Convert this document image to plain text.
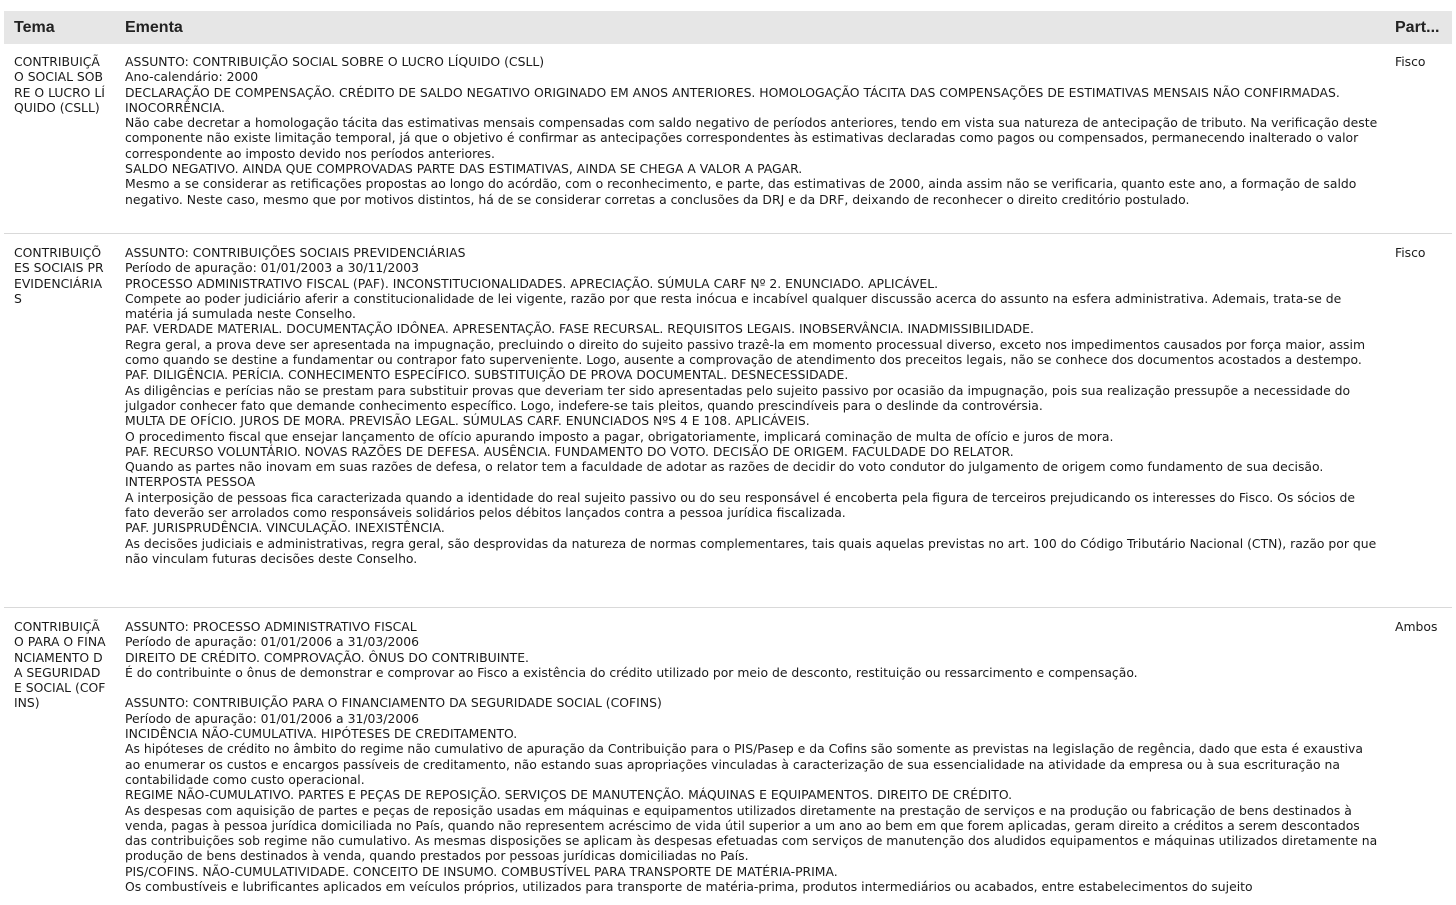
Tema	Ementa	Part...
CONTRIBUIÇÃO SOCIAL SOBRE O LUCRO LÍQUIDO (CSLL)
ASSUNTO: CONTRIBUIÇÃO SOCIAL SOBRE O LUCRO LÍQUIDO (CSLL)
Ano-calendário: 2000
DECLARAÇÃO DE COMPENSAÇÃO. CRÉDITO DE SALDO NEGATIVO ORIGINADO EM ANOS ANTERIORES. HOMOLOGAÇÃO TÁCITA DAS COMPENSAÇÕES DE ESTIMATIVAS MENSAIS NÃO CONFIRMADAS. INOCORRÊNCIA.
Não cabe decretar a homologação tácita das estimativas mensais compensadas com saldo negativo de períodos anteriores, tendo em vista sua natureza de antecipação de tributo. Na verificação deste componente não existe limitação temporal, já que o objetivo é confirmar as antecipações correspondentes às estimativas declaradas como pagos ou compensados, permanecendo inalterado o valor correspondente ao imposto devido nos períodos anteriores.
SALDO NEGATIVO. AINDA QUE COMPROVADAS PARTE DAS ESTIMATIVAS, AINDA SE CHEGA A VALOR A PAGAR.
Mesmo a se considerar as retificações propostas ao longo do acórdão, com o reconhecimento, e parte, das estimativas de 2000, ainda assim não se verificaria, quanto este ano, a formação de saldo negativo. Neste caso, mesmo que por motivos distintos, há de se considerar corretas a conclusões da DRJ e da DRF, deixando de reconhecer o direito creditório postulado.
Fisco
CONTRIBUIÇÕES SOCIAIS PREVIDENCIÁRIAS
ASSUNTO: CONTRIBUIÇÕES SOCIAIS PREVIDENCIÁRIAS
Período de apuração: 01/01/2003 a 30/11/2003
PROCESSO ADMINISTRATIVO FISCAL (PAF). INCONSTITUCIONALIDADES. APRECIAÇÃO. SÚMULA CARF Nº 2. ENUNCIADO. APLICÁVEL.
Compete ao poder judiciário aferir a constitucionalidade de lei vigente, razão por que resta inócua e incabível qualquer discussão acerca do assunto na esfera administrativa. Ademais, trata-se de matéria já sumulada neste Conselho.
PAF. VERDADE MATERIAL. DOCUMENTAÇÃO IDÔNEA. APRESENTAÇÃO. FASE RECURSAL. REQUISITOS LEGAIS. INOBSERVÂNCIA. INADMISSIBILIDADE.
Regra geral, a prova deve ser apresentada na impugnação, precluindo o direito do sujeito passivo trazê-la em momento processual diverso, exceto nos impedimentos causados por força maior, assim como quando se destine a fundamentar ou contrapor fato superveniente. Logo, ausente a comprovação de atendimento dos preceitos legais, não se conhece dos documentos acostados a destempo.
PAF. DILIGÊNCIA. PERÍCIA. CONHECIMENTO ESPECÍFICO. SUBSTITUIÇÃO DE PROVA DOCUMENTAL. DESNECESSIDADE.
As diligências e perícias não se prestam para substituir provas que deveriam ter sido apresentadas pelo sujeito passivo por ocasião da impugnação, pois sua realização pressupõe a necessidade do julgador conhecer fato que demande conhecimento específico. Logo, indefere-se tais pleitos, quando prescindíveis para o deslinde da controvérsia.
MULTA DE OFÍCIO. JUROS DE MORA. PREVISÃO LEGAL. SÚMULAS CARF. ENUNCIADOS NºS 4 E 108. APLICÁVEIS.
O procedimento fiscal que ensejar lançamento de ofício apurando imposto a pagar, obrigatoriamente, implicará cominação de multa de ofício e juros de mora.
PAF. RECURSO VOLUNTÁRIO. NOVAS RAZÕES DE DEFESA. AUSÊNCIA. FUNDAMENTO DO VOTO. DECISÃO DE ORIGEM. FACULDADE DO RELATOR.
Quando as partes não inovam em suas razões de defesa, o relator tem a faculdade de adotar as razões de decidir do voto condutor do julgamento de origem como fundamento de sua decisão.
INTERPOSTA PESSOA
A interposição de pessoas fica caracterizada quando a identidade do real sujeito passivo ou do seu responsável é encoberta pela figura de terceiros prejudicando os interesses do Fisco. Os sócios de fato deverão ser arrolados como responsáveis solidários pelos débitos lançados contra a pessoa jurídica fiscalizada.
PAF. JURISPRUDÊNCIA. VINCULAÇÃO. INEXISTÊNCIA.
As decisões judiciais e administrativas, regra geral, são desprovidas da natureza de normas complementares, tais quais aquelas previstas no art. 100 do Código Tributário Nacional (CTN), razão por que não vinculam futuras decisões deste Conselho.
Fisco
CONTRIBUIÇÃO PARA O FINANCIAMENTO DA SEGURIDADE SOCIAL (COFINS)
ASSUNTO: PROCESSO ADMINISTRATIVO FISCAL
Período de apuração: 01/01/2006 a 31/03/2006
DIREITO DE CRÉDITO. COMPROVAÇÃO. ÔNUS DO CONTRIBUINTE.
É do contribuinte o ônus de demonstrar e comprovar ao Fisco a existência do crédito utilizado por meio de desconto, restituição ou ressarcimento e compensação.

ASSUNTO: CONTRIBUIÇÃO PARA O FINANCIAMENTO DA SEGURIDADE SOCIAL (COFINS)
Período de apuração: 01/01/2006 a 31/03/2006
INCIDÊNCIA NÃO-CUMULATIVA. HIPÓTESES DE CREDITAMENTO.
As hipóteses de crédito no âmbito do regime não cumulativo de apuração da Contribuição para o PIS/Pasep e da Cofins são somente as previstas na legislação de regência, dado que esta é exaustiva ao enumerar os custos e encargos passíveis de creditamento, não estando suas apropriações vinculadas à caracterização de sua essencialidade na atividade da empresa ou à sua escrituração na contabilidade como custo operacional.
REGIME NÃO-CUMULATIVO. PARTES E PEÇAS DE REPOSIÇÃO. SERVIÇOS DE MANUTENÇÃO. MÁQUINAS E EQUIPAMENTOS. DIREITO DE CRÉDITO.
As despesas com aquisição de partes e peças de reposição usadas em máquinas e equipamentos utilizados diretamente na prestação de serviços e na produção ou fabricação de bens destinados à venda, pagas à pessoa jurídica domiciliada no País, quando não representem acréscimo de vida útil superior a um ano ao bem em que forem aplicadas, geram direito a créditos a serem descontados das contribuições sob regime não cumulativo. As mesmas disposições se aplicam às despesas efetuadas com serviços de manutenção dos aludidos equipamentos e máquinas utilizados diretamente na produção de bens destinados à venda, quando prestados por pessoas jurídicas domiciliadas no País.
PIS/COFINS. NÃO-CUMULATIVIDADE. CONCEITO DE INSUMO. COMBUSTÍVEL PARA TRANSPORTE DE MATÉRIA-PRIMA.
Os combustíveis e lubrificantes aplicados em veículos próprios, utilizados para transporte de matéria-prima, produtos intermediários ou acabados, entre estabelecimentos do sujeito
Ambos
